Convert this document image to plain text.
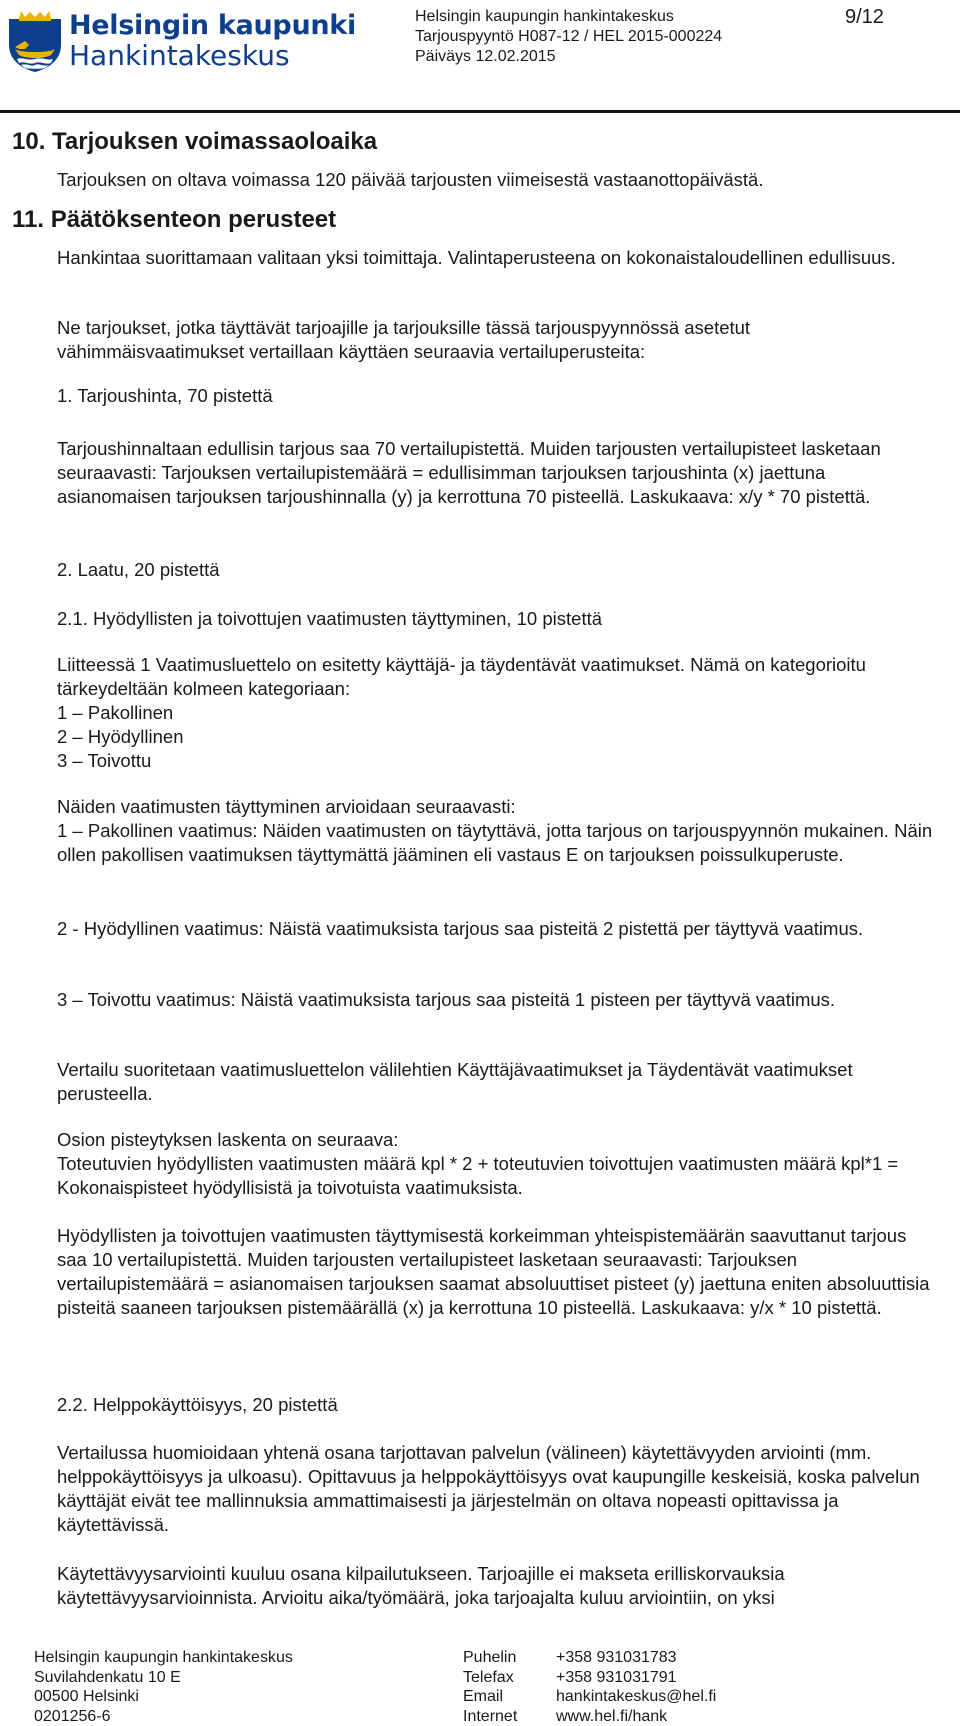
Helsingin kaupunki
Hankintakeskus
Helsingin kaupungin hankintakeskus
Tarjouspyyntö H087-12 / HEL 2015-000224
Päiväys 12.02.2015
9/12
10. Tarjouksen voimassaoloaika
Tarjouksen on oltava voimassa 120 päivää tarjousten viimeisestä vastaanottopäivästä.
11. Päätöksenteon perusteet
Hankintaa suorittamaan valitaan yksi toimittaja. Valintaperusteena on kokonaistaloudellinen edullisuus.
Ne tarjoukset, jotka täyttävät tarjoajille ja tarjouksille tässä tarjouspyynnössä asetetut vähimmäisvaatimukset vertaillaan käyttäen seuraavia vertailuperusteita:
1. Tarjoushinta, 70 pistettä
Tarjoushinnaltaan edullisin tarjous saa 70 vertailupistettä. Muiden tarjousten vertailupisteet lasketaan seuraavasti: Tarjouksen vertailupistemäärä = edullisimman tarjouksen tarjoushinta (x) jaettuna asianomaisen tarjouksen tarjoushinnalla (y) ja kerrottuna 70 pisteellä. Laskukaava: x/y * 70 pistettä.
2. Laatu, 20 pistettä
2.1. Hyödyllisten ja toivottujen vaatimusten täyttyminen, 10 pistettä
Liitteessä 1 Vaatimusluettelo on esitetty käyttäjä- ja täydentävät vaatimukset. Nämä on kategorioitu tärkeydeltään kolmeen kategoriaan:
1 – Pakollinen
2 – Hyödyllinen
3 – Toivottu
Näiden vaatimusten täyttyminen arvioidaan seuraavasti:
1 – Pakollinen vaatimus: Näiden vaatimusten on täytyttävä, jotta tarjous on tarjouspyynnön mukainen. Näin ollen pakollisen vaatimuksen täyttymättä jääminen eli vastaus E on tarjouksen poissulkuperuste.
2 - Hyödyllinen vaatimus: Näistä vaatimuksista tarjous saa pisteitä 2 pistettä per täyttyvä vaatimus.
3 – Toivottu vaatimus: Näistä vaatimuksista tarjous saa pisteitä 1 pisteen per täyttyvä vaatimus.
Vertailu suoritetaan vaatimusluettelon välilehtien Käyttäjävaatimukset ja Täydentävät vaatimukset perusteella.
Osion pisteytyksen laskenta on seuraava:
Toteutuvien hyödyllisten vaatimusten määrä kpl * 2 + toteutuvien toivottujen vaatimusten määrä kpl*1 = Kokonaispisteet hyödyllisistä ja toivotuista vaatimuksista.
Hyödyllisten ja toivottujen vaatimusten täyttymisestä korkeimman yhteispistemäärän saavuttanut tarjous saa 10 vertailupistettä. Muiden tarjousten vertailupisteet lasketaan seuraavasti: Tarjouksen vertailupistemäärä = asianomaisen tarjouksen saamat absoluuttiset pisteet (y) jaettuna eniten absoluuttisia pisteitä saaneen tarjouksen pistemäärällä (x) ja kerrottuna 10 pisteellä. Laskukaava: y/x * 10 pistettä.
2.2. Helppokäyttöisyys, 20 pistettä
Vertailussa huomioidaan yhtenä osana tarjottavan palvelun (välineen) käytettävyyden arviointi (mm. helppokäyttöisyys ja ulkoasu). Opittavuus ja helppokäyttöisyys ovat kaupungille keskeisiä, koska palvelun käyttäjät eivät tee mallinnuksia ammattimaisesti ja järjestelmän on oltava nopeasti opittavissa ja käytettävissä.
Käytettävyysarviointi kuuluu osana kilpailutukseen. Tarjoajille ei makseta erilliskorvauksia käytettävyysarvioinnista. Arvioitu aika/työmäärä, joka tarjoajalta kuluu arviointiin, on yksi
Helsingin kaupungin hankintakeskus
Suvilahdenkatu 10 E
00500 Helsinki
0201256-6
Puhelin
Telefax
Email
Internet
+358 931031783
+358 931031791
hankintakeskus@hel.fi
www.hel.fi/hank
